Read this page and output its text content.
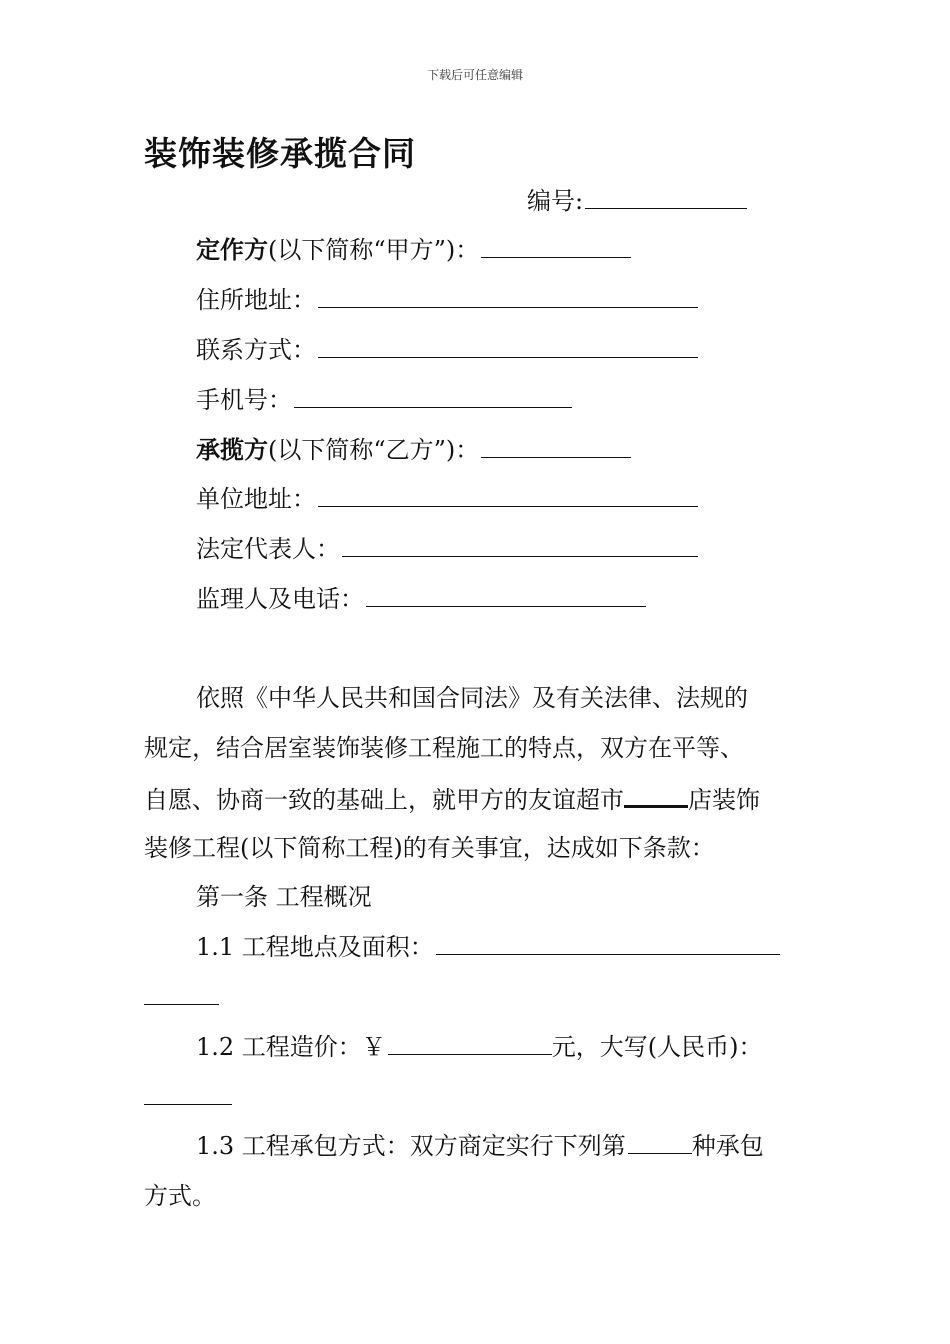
下载后可任意编辑
装饰装修承揽合同
编号:
定作方(以下简称“甲方”)：
住所地址：
联系方式：
手机号：
承揽方(以下简称“乙方”)：
单位地址：
法定代表人：
监理人及电话：
依照《中华人民共和国合同法》及有关法律、法规的
规定，结合居室装饰装修工程施工的特点，双方在平等、
自愿、协商一致的基础上，就甲方的友谊超市	店装饰
装修工程(以下简称工程)的有关事宜，达成如下条款：
第一条 工程概况
1.1 工程地点及面积：
1.2 工程造价：￥	元，大写(人民币)：
1.3 工程承包方式：双方商定实行下列第	种承包
方式。
